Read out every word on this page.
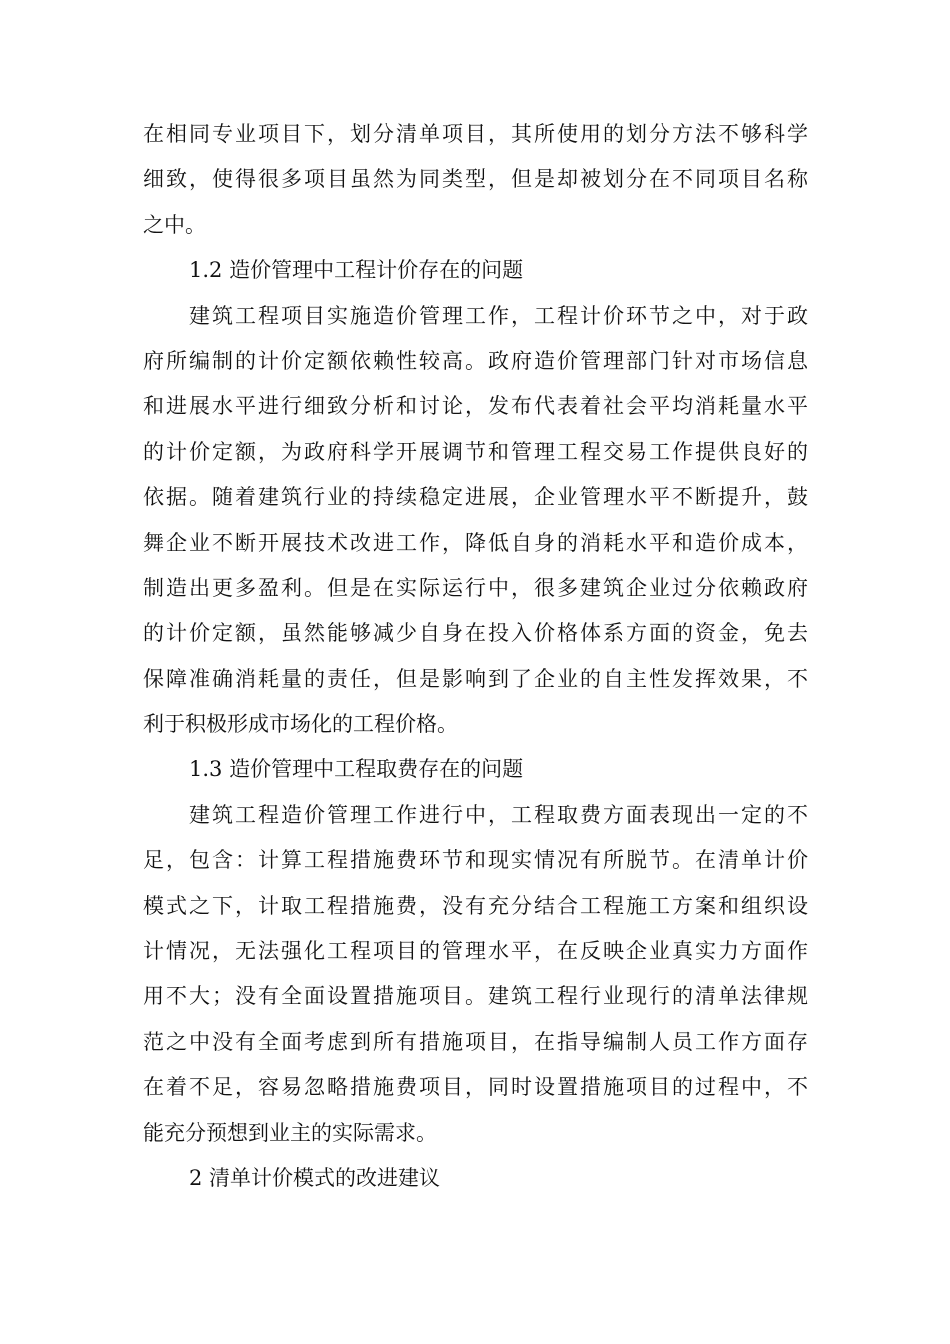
在相同专业项目下，划分清单项目，其所使用的划分方法不够科学
细致，使得很多项目虽然为同类型，但是却被划分在不同项目名称
之中。
1.2 造价管理中工程计价存在的问题
建筑工程项目实施造价管理工作，工程计价环节之中，对于政
府所编制的计价定额依赖性较高。政府造价管理部门针对市场信息
和进展水平进行细致分析和讨论，发布代表着社会平均消耗量水平
的计价定额，为政府科学开展调节和管理工程交易工作提供良好的
依据。随着建筑行业的持续稳定进展，企业管理水平不断提升，鼓
舞企业不断开展技术改进工作，降低自身的消耗水平和造价成本，
制造出更多盈利。但是在实际运行中，很多建筑企业过分依赖政府
的计价定额，虽然能够减少自身在投入价格体系方面的资金，免去
保障准确消耗量的责任，但是影响到了企业的自主性发挥效果，不
利于积极形成市场化的工程价格。
1.3 造价管理中工程取费存在的问题
建筑工程造价管理工作进行中，工程取费方面表现出一定的不
足，包含：计算工程措施费环节和现实情况有所脱节。在清单计价
模式之下，计取工程措施费，没有充分结合工程施工方案和组织设
计情况，无法强化工程项目的管理水平，在反映企业真实力方面作
用不大；没有全面设置措施项目。建筑工程行业现行的清单法律规
范之中没有全面考虑到所有措施项目，在指导编制人员工作方面存
在着不足，容易忽略措施费项目，同时设置措施项目的过程中，不
能充分预想到业主的实际需求。
2 清单计价模式的改进建议
